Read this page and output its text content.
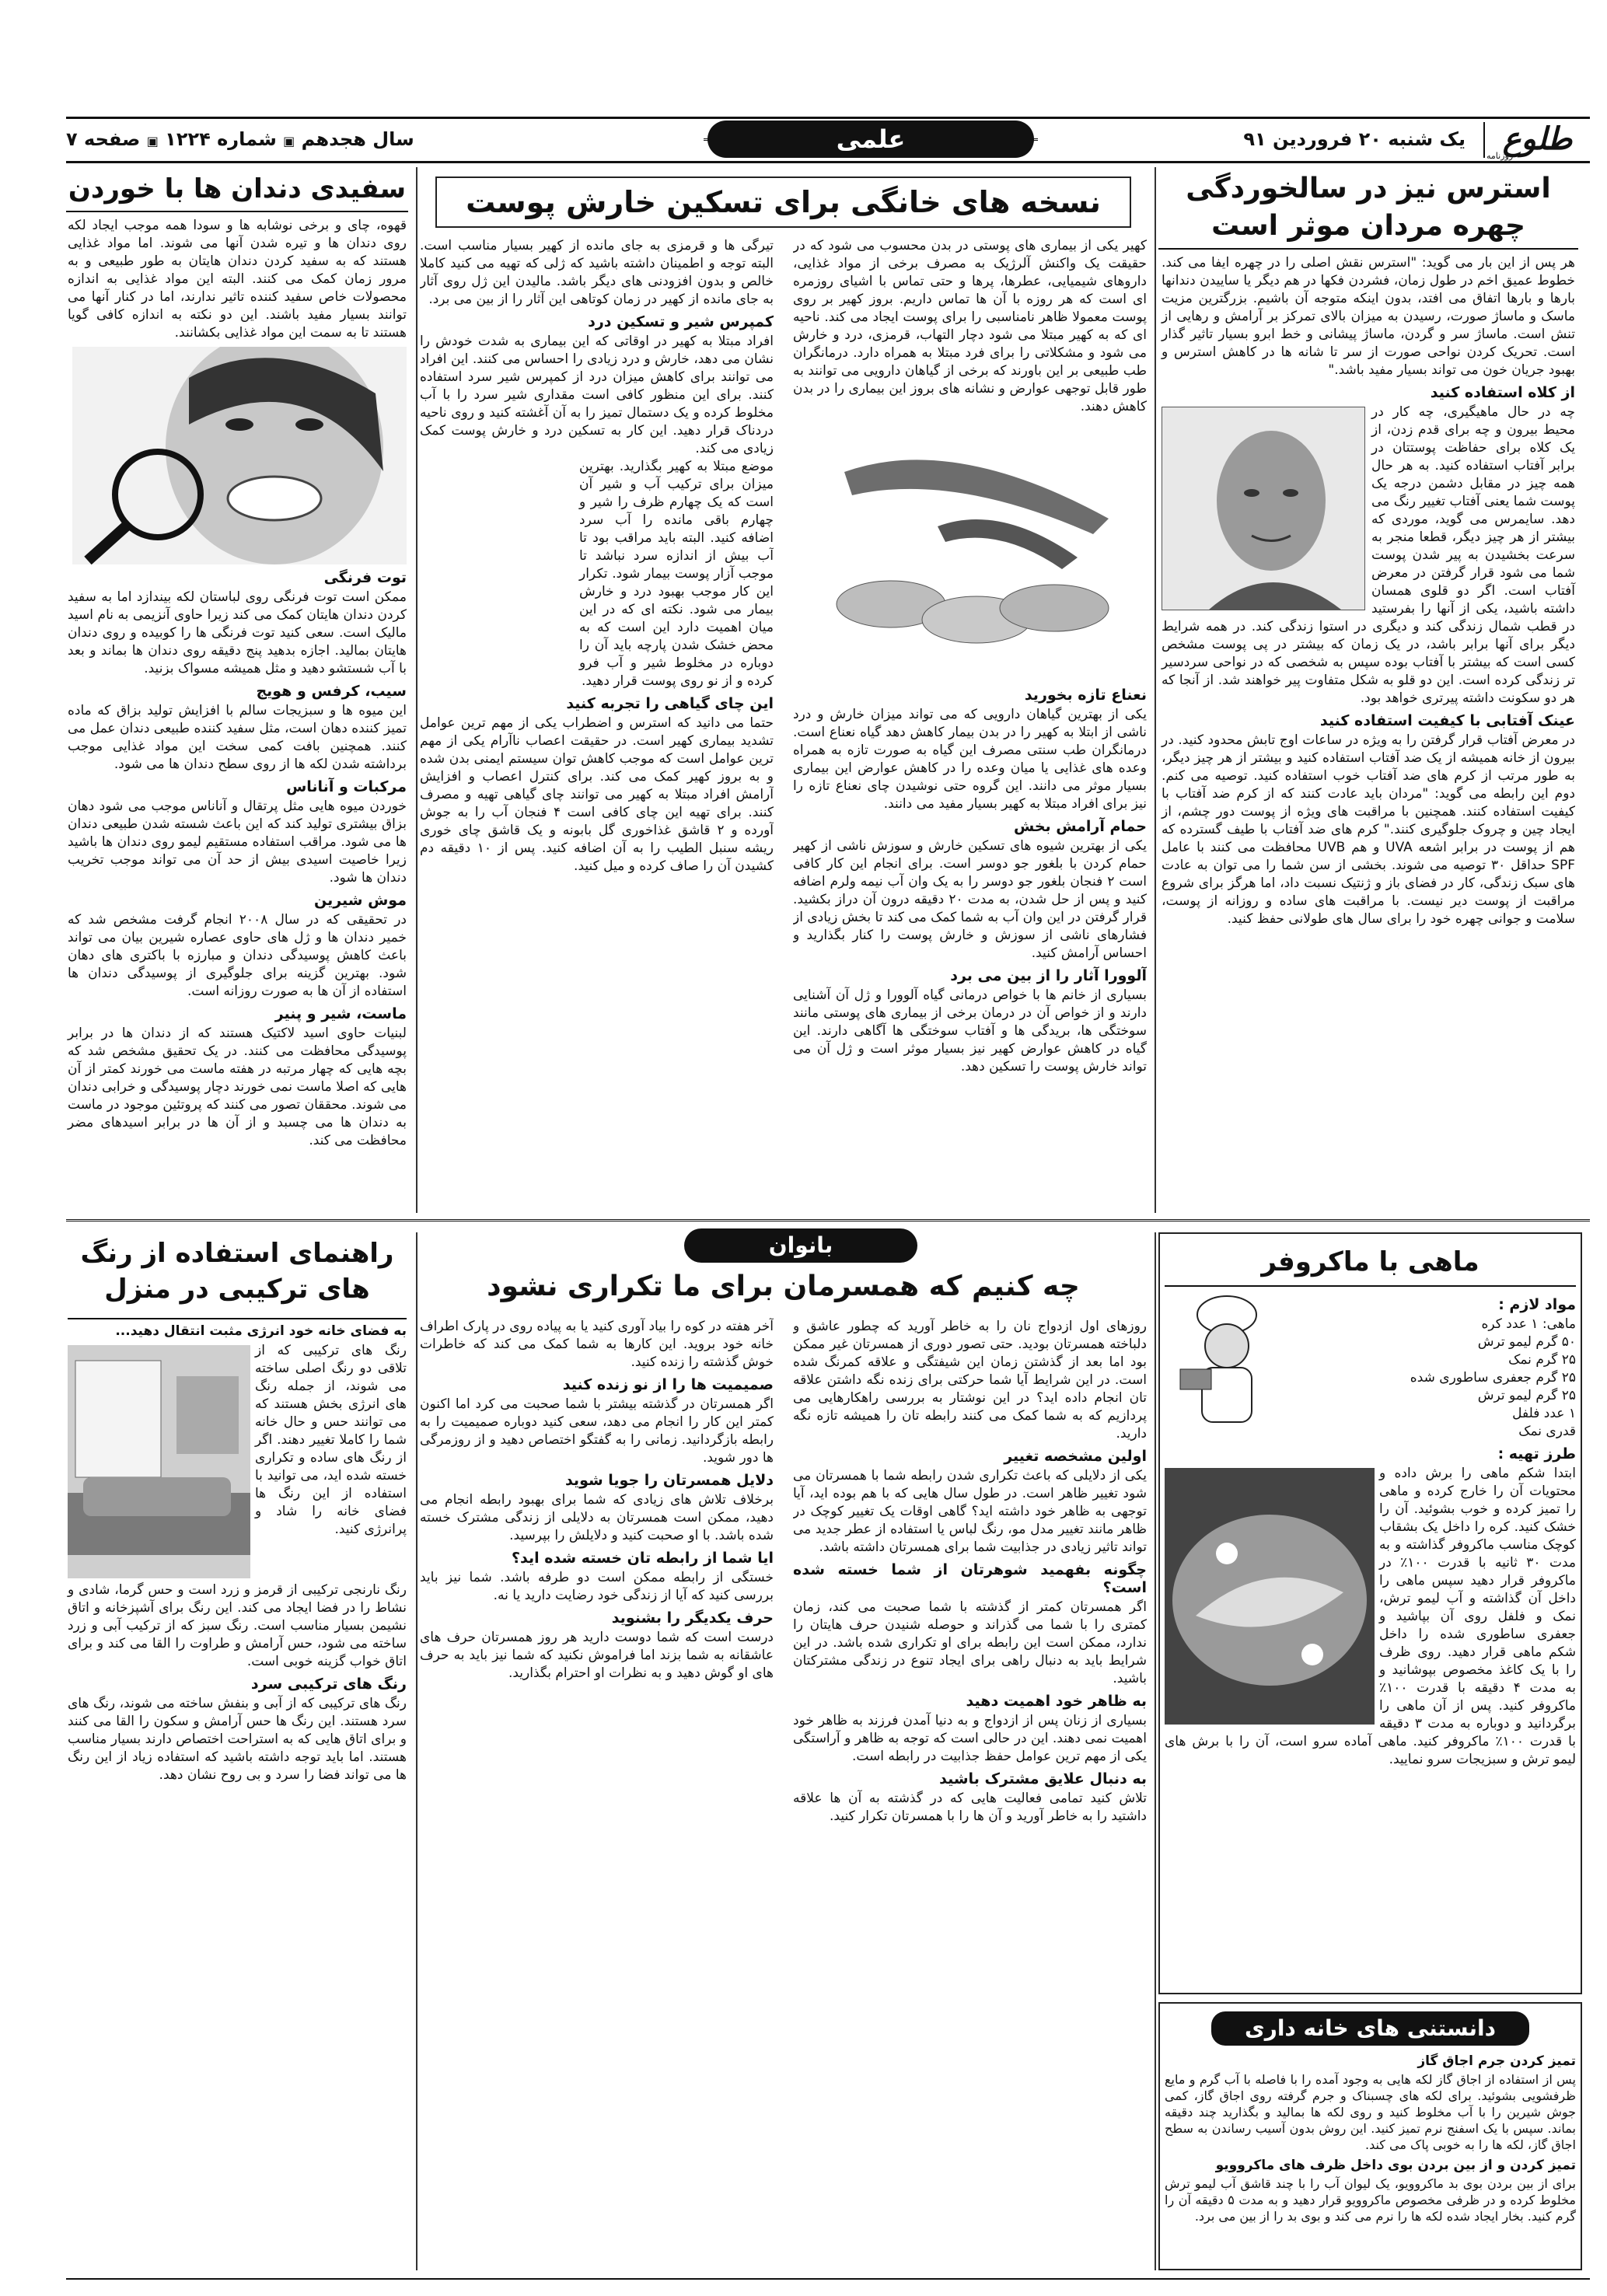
طلوع
روزنامه
یک شنبه ۲۰ فروردین ۹۱
علمی
سال هجدهم ▣ شماره ۱۲۲۴ ▣ صفحه ۷
استرس نیز در سالخوردگی چهره مردان موثر است
هر پس از این بار می گوید: "استرس نقش اصلی را در چهره ایفا می کند. خطوط عمیق اخم در طول زمان، فشردن فکها در هم دیگر یا ساییدن دندانها بارها و بارها اتفاق می افتد، بدون اینکه متوجه آن باشیم. بزرگترین مزیت ماسک و ماساژ صورت، رسیدن به میزان بالای تمرکز بر آرامش و رهایی از تنش است. ماساژ سر و گردن، ماساژ پیشانی و خط ابرو بسیار تاثیر گذار است. تحریک کردن نواحی صورت از سر تا شانه ها در کاهش استرس و بهبود جریان خون می تواند بسیار مفید باشد."
از کلاه استفاده کنید
چه در حال ماهیگیری، چه کار در محیط بیرون و چه برای قدم زدن، از یک کلاه برای حفاظت پوستتان در برابر آفتاب استفاده کنید. به هر حال همه چیز در مقابل دشمن درجه یک پوست شما یعنی آفتاب تغییر رنگ می دهد. سایمرس می گوید، موردی که بیشتر از هر چیز دیگر، قطعا منجر به سرعت بخشیدن به پیر شدن پوست شما می شود قرار گرفتن در معرض آفتاب است. اگر دو قلوی همسان داشته باشید، یکی از آنها را بفرستید در قطب شمال زندگی کند و دیگری در استوا زندگی کند. در همه شرایط دیگر برای آنها برابر باشد، در یک زمان که بیشتر در پی پوست مشخص کسی است که بیشتر با آفتاب بوده سپس به شخصی که در نواحی سردسیر تر زندگی کرده است. این دو قلو به شکل متفاوت پیر خواهند شد. از آنجا که هر دو سکونت داشته پیرتری خواهد بود.
عینک آفتابی با کیفیت استفاده کنید
در معرض آفتاب قرار گرفتن را به ویژه در ساعات اوج تابش محدود کنید. در بیرون از خانه همیشه از یک ضد آفتاب استفاده کنید و بیشتر از هر چیز دیگر، به طور مرتب از کرم های ضد آفتاب خوب استفاده کنید. توصیه می کنم. دوم این رابطه می گوید: "مردان باید عادت کنند که از کرم ضد آفتاب با کیفیت استفاده کنند. همچنین با مراقبت های ویژه از پوست دور چشم، از ایجاد چین و چروک جلوگیری کنند." کرم های ضد آفتاب با طیف گسترده که هم از پوست در برابر اشعه UVA و هم UVB محافظت می کنند با عامل SPF حداقل ۳۰ توصیه می شوند. بخشی از سن شما را می توان به عادت های سبک زندگی، کار در فضای باز و ژنتیک نسبت داد، اما هرگز برای شروع مراقبت از پوست دیر نیست. با مراقبت های ساده و روزانه از پوست، سلامت و جوانی چهره خود را برای سال های طولانی حفظ کنید.
نسخه های خانگی برای تسکین خارش پوست
کهیر یکی از بیماری های پوستی در بدن محسوب می شود که در حقیقت یک واکنش آلرژیک به مصرف برخی از مواد غذایی، داروهای شیمیایی، عطرها، پرها و حتی تماس با اشیای روزمره ای است که هر روزه با آن ها تماس داریم. بروز کهیر بر روی پوست معمولا ظاهر نامناسبی را برای پوست ایجاد می کند. ناحیه ای که به کهیر مبتلا می شود دچار التهاب، قرمزی، درد و خارش می شود و مشکلاتی را برای فرد مبتلا به همراه دارد. درمانگران طب طبیعی بر این باورند که برخی از گیاهان دارویی می توانند به طور قابل توجهی عوارض و نشانه های بروز این بیماری را در بدن کاهش دهند.
نعناع تازه بخورید
یکی از بهترین گیاهان دارویی که می تواند میزان خارش و درد ناشی از ابتلا به کهیر را در بدن بیمار کاهش دهد گیاه نعناع است. درمانگران طب سنتی مصرف این گیاه به صورت تازه به همراه وعده های غذایی یا میان وعده را در کاهش عوارض این بیماری بسیار موثر می دانند. این گروه حتی نوشیدن چای نعناع تازه را نیز برای افراد مبتلا به کهیر بسیار مفید می دانند.
حمام آرامش بخش
یکی از بهترین شیوه های تسکین خارش و سوزش ناشی از کهیر حمام کردن با بلغور جو دوسر است. برای انجام این کار کافی است ۲ فنجان بلغور جو دوسر را به یک وان آب نیمه ولرم اضافه کنید و پس از حل شدن، به مدت ۲۰ دقیقه درون آن دراز بکشید. قرار گرفتن در این وان آب به شما کمک می کند تا بخش زیادی از فشارهای ناشی از سوزش و خارش پوست را کنار بگذارید و احساس آرامش کنید.
آلوورا آثار را از بین می برد
بسیاری از خانم ها با خواص درمانی گیاه آلوورا و ژل آن آشنایی دارند و از خواص آن در درمان برخی از بیماری های پوستی مانند سوختگی ها، بریدگی ها و آفتاب سوختگی ها آگاهی دارند. این گیاه در کاهش عوارض کهیر نیز بسیار موثر است و ژل آن می تواند خارش پوست را تسکین دهد.
تیرگی ها و قرمزی به جای مانده از کهیر بسیار مناسب است. البته توجه و اطمینان داشته باشید که ژلی که تهیه می کنید کاملا خالص و بدون افزودنی های دیگر باشد. مالیدن این ژل روی آثار به جای مانده از کهیر در زمان کوتاهی این آثار را از بین می برد.
کمپرس شیر و تسکین درد
افراد مبتلا به کهیر در اوقاتی که این بیماری به شدت خودش را نشان می دهد، خارش و درد زیادی را احساس می کنند. این افراد می توانند برای کاهش میزان درد از کمپرس شیر سرد استفاده کنند. برای این منظور کافی است مقداری شیر سرد را با آب مخلوط کرده و یک دستمال تمیز را به آن آغشته کنید و روی ناحیه دردناک قرار دهید. این کار به تسکین درد و خارش پوست کمک زیادی می کند.
موضع مبتلا به کهیر بگذارید. بهترین میزان برای ترکیب آب و شیر آن است که یک چهارم ظرف را شیر و چهارم باقی مانده را آب سرد اضافه کنید. البته باید مراقب بود تا آب بیش از اندازه سرد نباشد تا موجب آزار پوست بیمار شود. تکرار این کار موجب بهبود درد و خارش بیمار می شود. نکته ای که در این میان اهمیت دارد این است که به محض خشک شدن پارچه باید آن را دوباره در مخلوط شیر و آب فرو کرده و از نو روی پوست قرار دهید.
این چای گیاهی را تجربه کنید
حتما می دانید که استرس و اضطراب یکی از مهم ترین عوامل تشدید بیماری کهیر است. در حقیقت اعصاب ناآرام یکی از مهم ترین عوامل است که موجب کاهش توان سیستم ایمنی بدن شده و به بروز کهیر کمک می کند. برای کنترل اعصاب و افزایش آرامش افراد مبتلا به کهیر می توانند چای گیاهی تهیه و مصرف کنند. برای تهیه این چای کافی است ۴ فنجان آب را به جوش آورده و ۲ قاشق غذاخوری گل بابونه و یک قاشق چای خوری ریشه سنبل الطیب را به آن اضافه کنید. پس از ۱۰ دقیقه دم کشیدن آن را صاف کرده و میل کنید.
سفیدی دندان ها با خوردن
قهوه، چای و برخی نوشابه ها و سودا همه موجب ایجاد لکه روی دندان ها و تیره شدن آنها می شوند. اما مواد غذایی هستند که به سفید کردن دندان هایتان به طور طبیعی و به مرور زمان کمک می کنند. البته این مواد غذایی به اندازه محصولات خاص سفید کننده تاثیر ندارند، اما در کنار آنها می توانند بسیار مفید باشند. این دو نکته به اندازه کافی گویا هستند تا به سمت این مواد غذایی بکشانند.
توت فرنگی
ممکن است توت فرنگی روی لباستان لکه بیندازد اما به سفید کردن دندان هایتان کمک می کند زیرا حاوی آنزیمی به نام اسید مالیک است. سعی کنید توت فرنگی ها را کوبیده و روی دندان هایتان بمالید. اجازه بدهید پنج دقیقه روی دندان ها بماند و بعد با آب شستشو دهید و مثل همیشه مسواک بزنید.
سیب، کرفس و هویج
این میوه ها و سبزیجات سالم با افزایش تولید بزاق که ماده تمیز کننده دهان است، مثل سفید کننده طبیعی دندان عمل می کنند. همچنین بافت کمی سخت این مواد غذایی موجب برداشته شدن لکه ها از روی سطح دندان ها می شود.
مرکبات و آناناس
خوردن میوه هایی مثل پرتقال و آناناس موجب می شود دهان بزاق بیشتری تولید کند که این باعث شسته شدن طبیعی دندان ها می شود. مراقب استفاده مستقیم لیمو روی دندان ها باشید زیرا خاصیت اسیدی بیش از حد آن می تواند موجب تخریب دندان ها شود.
موش شیرین
در تحقیقی که در سال ۲۰۰۸ انجام گرفت مشخص شد که خمیر دندان ها و ژل های حاوی عصاره شیرین بیان می تواند باعث کاهش پوسیدگی دندان و مبارزه با باکتری های دهان شود. بهترین گزینه برای جلوگیری از پوسیدگی دندان ها استفاده از آن ها به صورت روزانه است.
ماست، شیر و پنیر
لبنیات حاوی اسید لاکتیک هستند که از دندان ها در برابر پوسیدگی محافظت می کنند. در یک تحقیق مشخص شد که بچه هایی که چهار مرتبه در هفته ماست می خورند کمتر از آن هایی که اصلا ماست نمی خورند دچار پوسیدگی و خرابی دندان می شوند. محققان تصور می کنند که پروتئین موجود در ماست به دندان ها می چسبد و از آن ها در برابر اسیدهای مضر محافظت می کند.
بانوان
ماهی با ماکروفر
مواد لازم :
ماهی: ۱ عدد کره
۵۰ گرم لیمو ترش
۲۵ گرم نمک
۲۵ گرم جعفری ساطوری شده
۲۵ گرم لیمو ترش
۱ عدد فلفل
قدری نمک
طرز تهیه :
ابتدا شکم ماهی را برش داده و محتویات آن را خارج کرده و ماهی را تمیز کرده و خوب بشوئید. آن را خشک کنید. کره را داخل یک بشقاب کوچک مناسب ماکروفر گذاشته و به مدت ۳۰ ثانیه با قدرت ۱۰۰٪ در ماکروفر قرار دهید سپس ماهی را داخل آن گذاشته و آب لیمو ترش، نمک و فلفل روی آن بپاشید و جعفری ساطوری شده را داخل شکم ماهی قرار دهید. روی ظرف را با یک کاغذ مخصوص بپوشانید و به مدت ۴ دقیقه با قدرت ۱۰۰٪ ماکروفر کنید. پس از آن ماهی را برگردانید و دوباره به مدت ۳ دقیقه با قدرت ۱۰۰٪ ماکروفر کنید. ماهی آماده سرو است، آن را با برش های لیمو ترش و سبزیجات سرو نمایید.
دانستنی های خانه داری
تمیز کردن جرم اجاق گاز
پس از استفاده از اجاق گاز لکه هایی به وجود آمده را با فاصله با آب گرم و مایع ظرفشویی بشوئید. برای لکه های چسبناک و جرم گرفته روی اجاق گاز، کمی جوش شیرین را با آب مخلوط کنید و روی لکه ها بمالید و بگذارید چند دقیقه بماند. سپس با یک اسفنج نرم تمیز کنید. این روش بدون آسیب رساندن به سطح اجاق گاز، لکه ها را به خوبی پاک می کند.
تمیز کردن و از بین بردن بوی داخل ظرف های ماکروویو
برای از بین بردن بوی بد ماکروویو، یک لیوان آب را با چند قاشق آب لیمو ترش مخلوط کرده و در ظرفی مخصوص ماکروویو قرار دهید و به مدت ۵ دقیقه آن را گرم کنید. بخار ایجاد شده لکه ها را نرم می کند و بوی بد را از بین می برد.
چه کنیم که همسرمان برای ما تکراری نشود
روزهای اول ازدواج نان را به خاطر آورید که چطور عاشق و دلباخته همسرتان بودید. حتی تصور دوری از همسرتان غیر ممکن بود اما بعد از گذشتن زمان این شیفتگی و علاقه کمرنگ شده است. در این شرایط آیا شما حرکتی برای زنده نگه داشتن علاقه تان انجام داده اید؟ در این نوشتار به بررسی راهکارهایی می پردازیم که به شما کمک می کنند رابطه تان را همیشه تازه نگه دارید.
اولین مشخصه تغییر
یکی از دلایلی که باعث تکراری شدن رابطه شما با همسرتان می شود تغییر ظاهر است. در طول سال هایی که با هم بوده اید، آیا توجهی به ظاهر خود داشته اید؟ گاهی اوقات یک تغییر کوچک در ظاهر مانند تغییر مدل مو، رنگ لباس یا استفاده از عطر جدید می تواند تاثیر زیادی در جذابیت شما برای همسرتان داشته باشد.
چگونه بفهمید شوهرتان از شما خسته شده است؟
اگر همسرتان کمتر از گذشته با شما صحبت می کند، زمان کمتری را با شما می گذراند و حوصله شنیدن حرف هایتان را ندارد، ممکن است این رابطه برای او تکراری شده باشد. در این شرایط باید به دنبال راهی برای ایجاد تنوع در زندگی مشترکتان باشید.
به ظاهر خود اهمیت دهید
بسیاری از زنان پس از ازدواج و به دنیا آمدن فرزند به ظاهر خود اهمیت نمی دهند. این در حالی است که توجه به ظاهر و آراستگی یکی از مهم ترین عوامل حفظ جذابیت در رابطه است.
به دنبال علایق مشترک باشید
تلاش کنید تمامی فعالیت هایی که در گذشته به آن ها علاقه داشتید را به خاطر آورید و آن ها را با همسرتان تکرار کنید.
آخر هفته در کوه را بیاد آوری کنید یا به پیاده روی در پارک اطراف خانه خود بروید. این کارها به شما کمک می کند که خاطرات خوش گذشته را زنده کنید.
صمیمیت ها را از نو زنده کنید
اگر همسرتان در گذشته بیشتر با شما صحبت می کرد اما اکنون کمتر این کار را انجام می دهد، سعی کنید دوباره صمیمیت را به رابطه بازگردانید. زمانی را به گفتگو اختصاص دهید و از روزمرگی ها دور شوید.
دلایل همسرتان را جویا شوید
برخلاف تلاش های زیادی که شما برای بهبود رابطه انجام می دهید، ممکن است همسرتان به دلایلی از زندگی مشترک خسته شده باشد. با او صحبت کنید و دلایلش را بپرسید.
ایا شما از رابطه تان خسته شده اید؟
خستگی از رابطه ممکن است دو طرفه باشد. شما نیز باید بررسی کنید که آیا از زندگی خود رضایت دارید یا نه.
حرف یکدیگر را بشنوید
درست است که شما دوست دارید هر روز همسرتان حرف های عاشقانه به شما بزند اما فراموش نکنید که شما نیز باید به حرف های او گوش دهید و به نظرات او احترام بگذارید.
راهنمای استفاده از رنگ های ترکیبی در منزل
به فضای خانه خود انرژی مثبت انتقال دهید...
رنگ های ترکیبی که از تلاقی دو رنگ اصلی ساخته می شوند، از جمله رنگ های انرژی بخش هستند که می توانند حس و حال خانه شما را کاملا تغییر دهند. اگر از رنگ های ساده و تکراری خسته شده اید، می توانید با استفاده از این رنگ ها فضای خانه را شاد و پرانرژی کنید.
رنگ نارنجی ترکیبی از قرمز و زرد است و حس گرما، شادی و نشاط را در فضا ایجاد می کند. این رنگ برای آشپزخانه و اتاق نشیمن بسیار مناسب است. رنگ سبز که از ترکیب آبی و زرد ساخته می شود، حس آرامش و طراوت را القا می کند و برای اتاق خواب گزینه خوبی است.
رنگ های ترکیبی سرد
رنگ های ترکیبی که از آبی و بنفش ساخته می شوند، رنگ های سرد هستند. این رنگ ها حس آرامش و سکون را القا می کنند و برای اتاق هایی که به استراحت اختصاص دارند بسیار مناسب هستند. اما باید توجه داشته باشید که استفاده زیاد از این رنگ ها می تواند فضا را سرد و بی روح نشان دهد.
